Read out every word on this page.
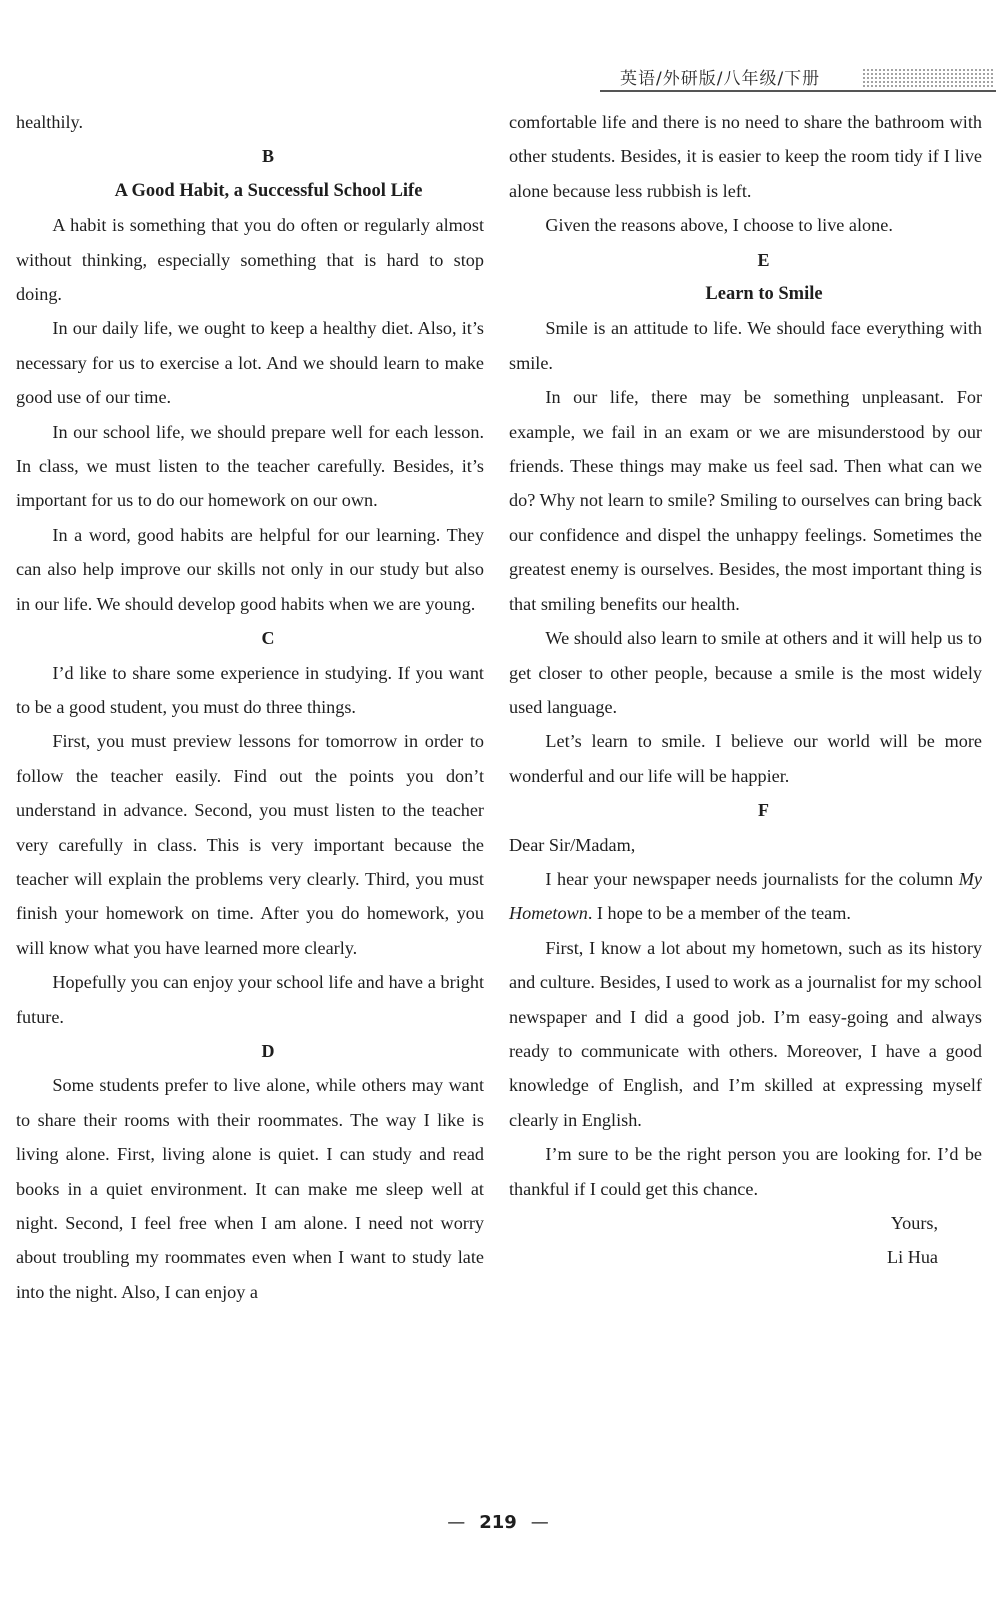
英语/外研版/八年级/下册

healthily.

B

A Good Habit, a Successful School Life

A habit is something that you do often or regularly almost without thinking, especially something that is hard to stop doing.

In our daily life, we ought to keep a healthy diet. Also, it’s necessary for us to exercise a lot. And we should learn to make good use of our time.

In our school life, we should prepare well for each lesson. In class, we must listen to the teacher carefully. Besides, it’s important for us to do our homework on our own.

In a word, good habits are helpful for our learning. They can also help improve our skills not only in our study but also in our life. We should develop good habits when we are young.

C

I’d like to share some experience in studying. If you want to be a good student, you must do three things.

First, you must preview lessons for tomorrow in order to follow the teacher easily. Find out the points you don’t understand in advance. Second, you must listen to the teacher very carefully in class. This is very important because the teacher will explain the problems very clearly. Third, you must finish your homework on time. After you do homework, you will know what you have learned more clearly.

Hopefully you can enjoy your school life and have a bright future.

D

Some students prefer to live alone, while others may want to share their rooms with their roommates. The way I like is living alone. First, living alone is quiet. I can study and read books in a quiet environment. It can make me sleep well at night. Second, I feel free when I am alone. I need not worry about troubling my roommates even when I want to study late into the night. Also, I can enjoy a

comfortable life and there is no need to share the bathroom with other students. Besides, it is easier to keep the room tidy if I live alone because less rubbish is left.

Given the reasons above, I choose to live alone.

E

Learn to Smile

Smile is an attitude to life. We should face everything with smile.

In our life, there may be something unpleasant. For example, we fail in an exam or we are misunderstood by our friends. These things may make us feel sad. Then what can we do? Why not learn to smile? Smiling to ourselves can bring back our confidence and dispel the unhappy feelings. Sometimes the greatest enemy is ourselves. Besides, the most important thing is that smiling benefits our health.

We should also learn to smile at others and it will help us to get closer to other people, because a smile is the most widely used language.

Let’s learn to smile. I believe our world will be more wonderful and our life will be happier.

F

Dear Sir/Madam,

I hear your newspaper needs journalists for the column My Hometown. I hope to be a member of the team.

First, I know a lot about my hometown, such as its history and culture. Besides, I used to work as a journalist for my school newspaper and I did a good job. I’m easy-going and always ready to communicate with others. Moreover, I have a good knowledge of English, and I’m skilled at expressing myself clearly in English.

I’m sure to be the right person you are looking for. I’d be thankful if I could get this chance.

Yours,

Li Hua

— 219 —
